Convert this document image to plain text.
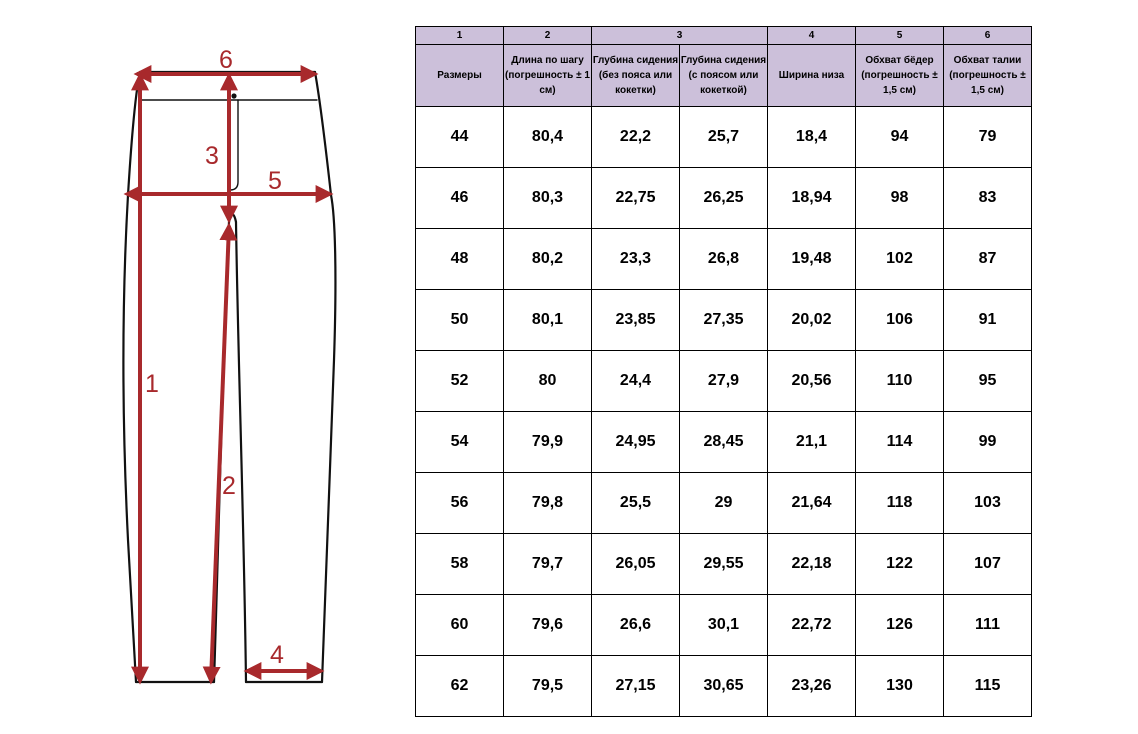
6
3
5
1
2
4
1	2	3		4	5	6
Размеры	Длина по шагу (погрешность ± 1 см)	Глубина сидения (без пояса или кокетки)	Глубина сидения (с поясом или кокеткой)	Ширина низа	Обхват бёдер (погрешность ± 1,5 см)	Обхват талии (погрешность ± 1,5 см)
44	80,4	22,2	25,7	18,4	94	79
46	80,3	22,75	26,25	18,94	98	83
48	80,2	23,3	26,8	19,48	102	87
50	80,1	23,85	27,35	20,02	106	91
52	80	24,4	27,9	20,56	110	95
54	79,9	24,95	28,45	21,1	114	99
56	79,8	25,5	29	21,64	118	103
58	79,7	26,05	29,55	22,18	122	107
60	79,6	26,6	30,1	22,72	126	111
62	79,5	27,15	30,65	23,26	130	115
